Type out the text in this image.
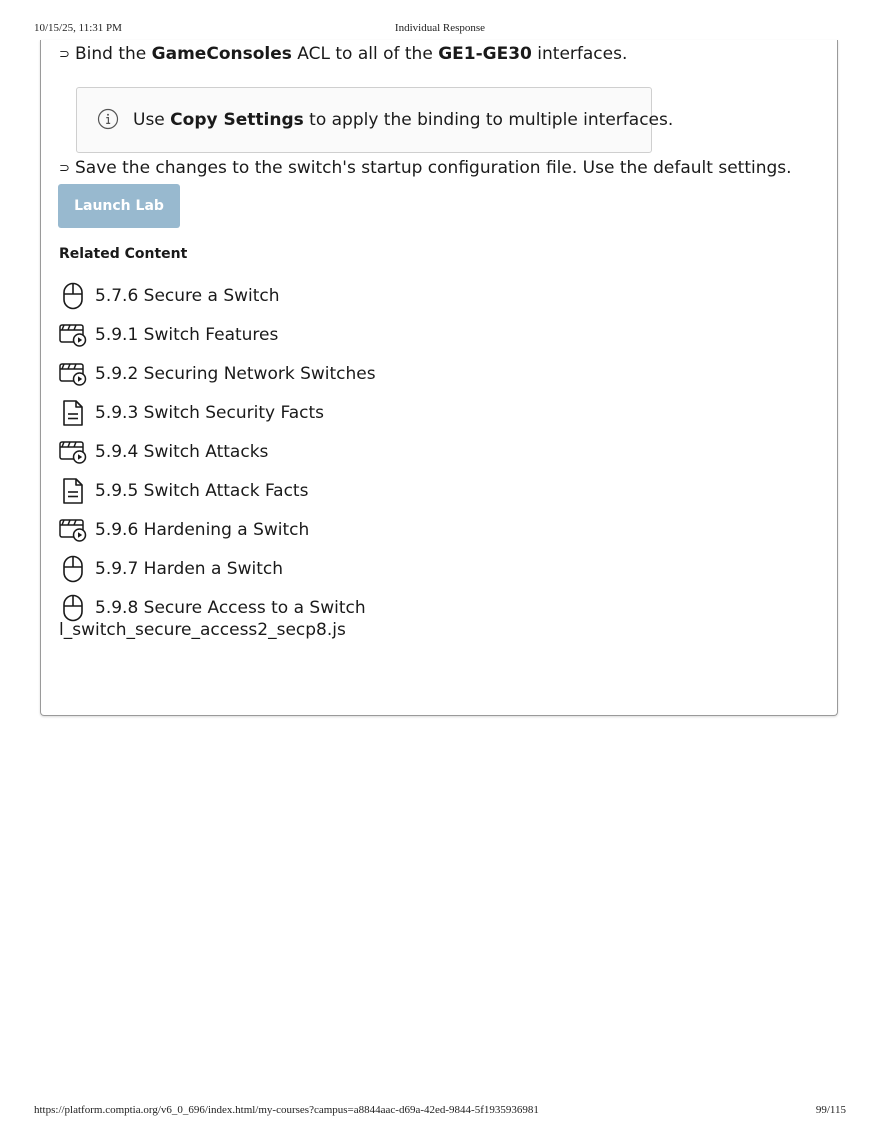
10/15/25, 11:31 PM	Individual Response
⊃ Bind the GameConsoles ACL to all of the GE1-GE30 interfaces.
Use Copy Settings to apply the binding to multiple interfaces.
⊃ Save the changes to the switch's startup configuration file. Use the default settings.
Launch Lab
Related Content
5.7.6 Secure a Switch
5.9.1 Switch Features
5.9.2 Securing Network Switches
5.9.3 Switch Security Facts
5.9.4 Switch Attacks
5.9.5 Switch Attack Facts
5.9.6 Hardening a Switch
5.9.7 Harden a Switch
5.9.8 Secure Access to a Switch
l_switch_secure_access2_secp8.js
https://platform.comptia.org/v6_0_696/index.html/my-courses?campus=a8844aac-d69a-42ed-9844-5f1935936981	99/115
